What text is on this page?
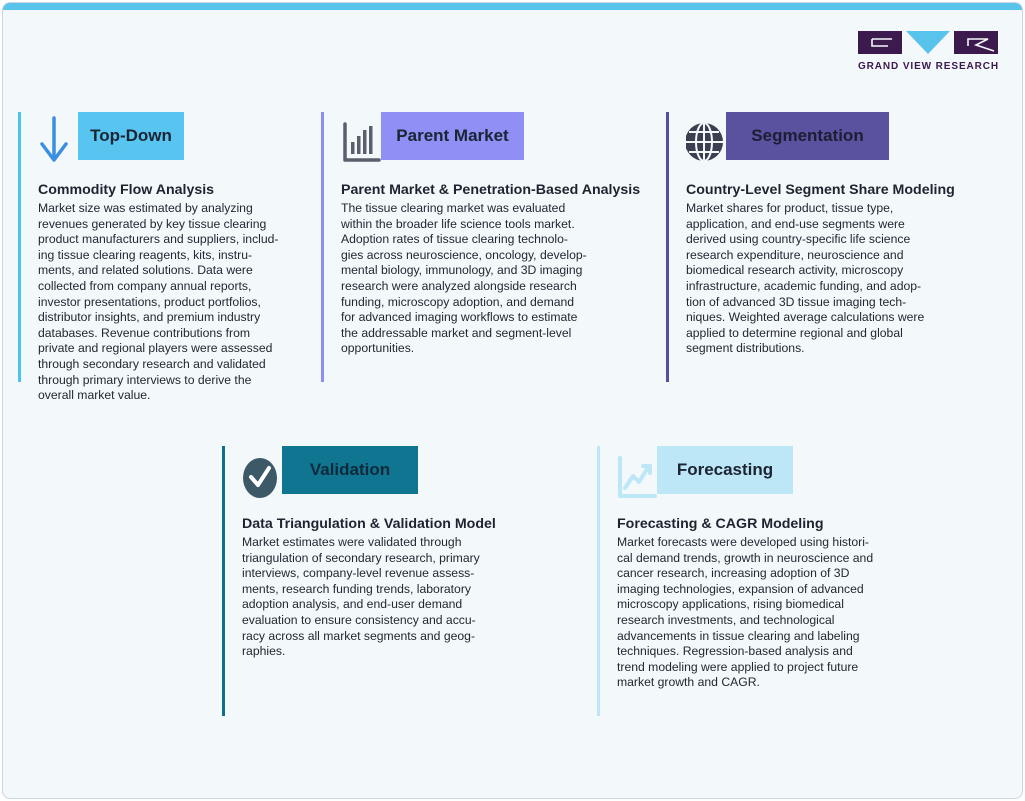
GRAND VIEW RESEARCH
Top-Down
Commodity Flow Analysis
Market size was estimated by analyzing
revenues generated by key tissue clearing
product manufacturers and suppliers, includ-
ing tissue clearing reagents, kits, instru-
ments, and related solutions. Data were
collected from company annual reports,
investor presentations, product portfolios,
distributor insights, and premium industry
databases. Revenue contributions from
private and regional players were assessed
through secondary research and validated
through primary interviews to derive the
overall market value.
Parent Market
Parent Market & Penetration-Based Analysis
The tissue clearing market was evaluated
within the broader life science tools market.
Adoption rates of tissue clearing technolo-
gies across neuroscience, oncology, develop-
mental biology, immunology, and 3D imaging
research were analyzed alongside research
funding, microscopy adoption, and demand
for advanced imaging workflows to estimate
the addressable market and segment-level
opportunities.
Segmentation
Country-Level Segment Share Modeling
Market shares for product, tissue type,
application, and end-use segments were
derived using country-specific life science
research expenditure, neuroscience and
biomedical research activity, microscopy
infrastructure, academic funding, and adop-
tion of advanced 3D tissue imaging tech-
niques. Weighted average calculations were
applied to determine regional and global
segment distributions.
Validation
Data Triangulation & Validation Model
Market estimates were validated through
triangulation of secondary research, primary
interviews, company-level revenue assess-
ments, research funding trends, laboratory
adoption analysis, and end-user demand
evaluation to ensure consistency and accu-
racy across all market segments and geog-
raphies.
Forecasting
Forecasting & CAGR Modeling
Market forecasts were developed using histori-
cal demand trends, growth in neuroscience and
cancer research, increasing adoption of 3D
imaging technologies, expansion of advanced
microscopy applications, rising biomedical
research investments, and technological
advancements in tissue clearing and labeling
techniques. Regression-based analysis and
trend modeling were applied to project future
market growth and CAGR.
